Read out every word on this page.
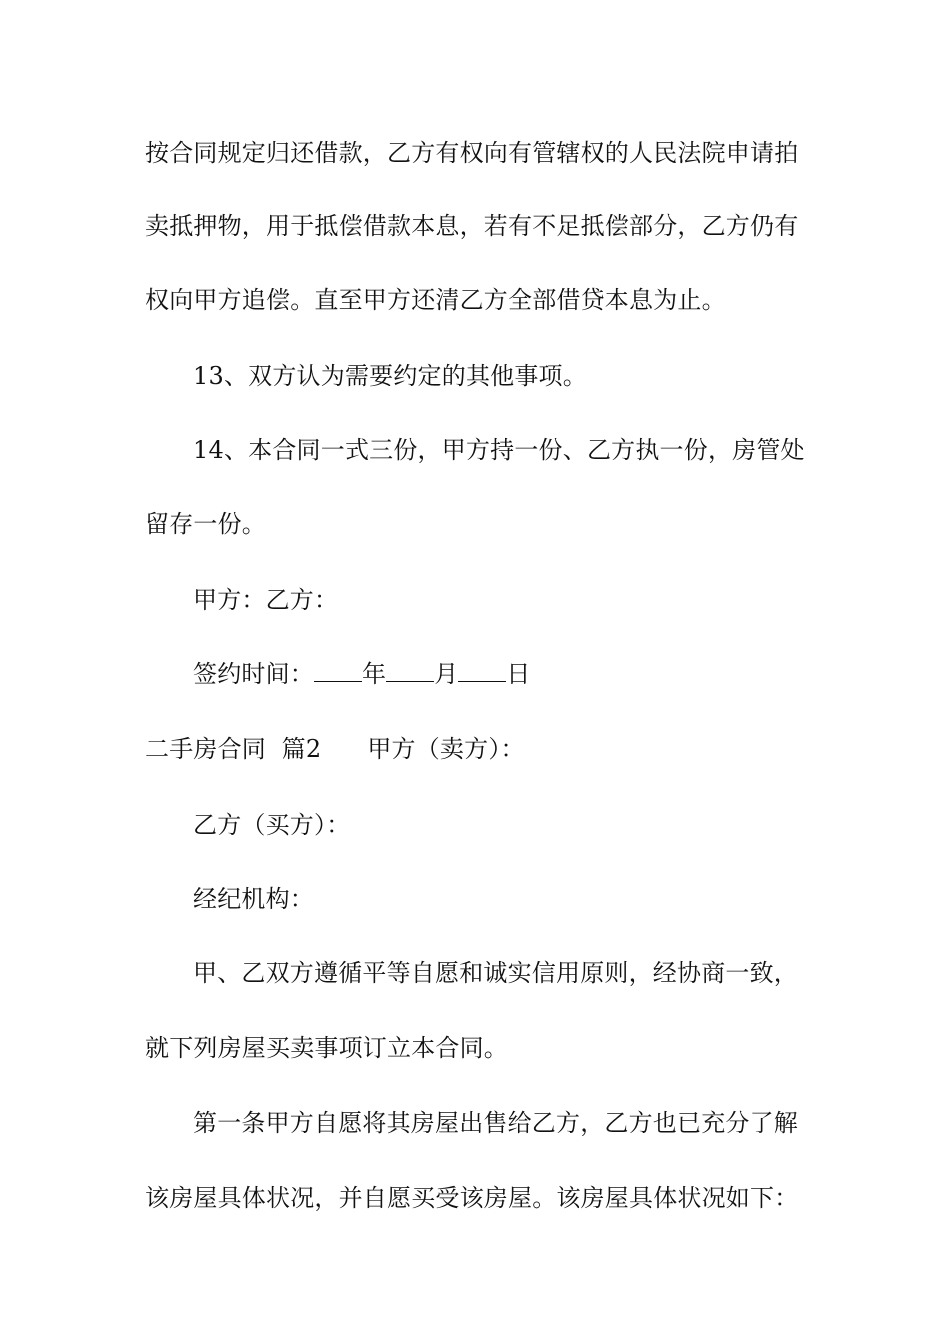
按合同规定归还借款，乙方有权向有管辖权的人民法院申请拍
卖抵押物，用于抵偿借款本息，若有不足抵偿部分，乙方仍有
权向甲方追偿。直至甲方还清乙方全部借贷本息为止。
13、双方认为需要约定的其他事项。
14、本合同一式三份，甲方持一份、乙方执一份，房管处
留存一份。
甲方：乙方：
签约时间： 年 月 日
二手房合同  篇2 甲方（卖方）：
乙方（买方）：
经纪机构：
甲、乙双方遵循平等自愿和诚实信用原则，经协商一致，
就下列房屋买卖事项订立本合同。
第一条甲方自愿将其房屋出售给乙方，乙方也已充分了解
该房屋具体状况，并自愿买受该房屋。该房屋具体状况如下：
